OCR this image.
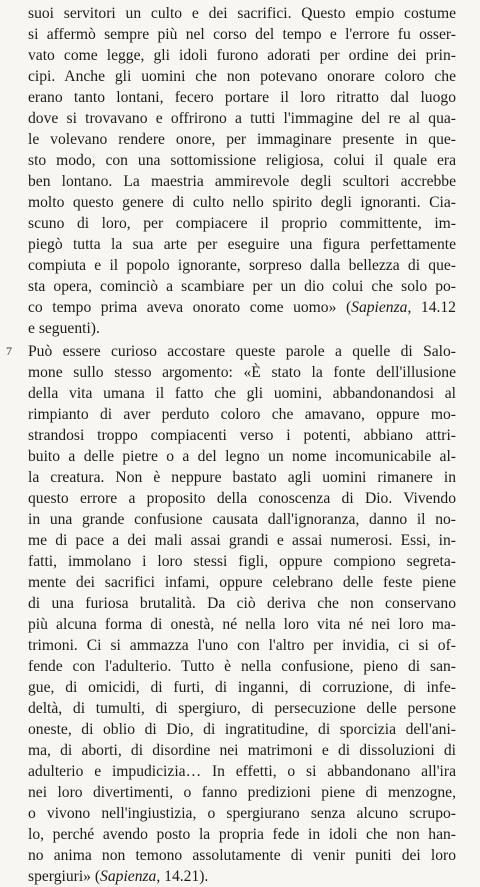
suoi servitori un culto e dei sacrifici. Questo empio costume
si affermò sempre più nel corso del tempo e l'errore fu osser-
vato come legge, gli idoli furono adorati per ordine dei prin-
cipi. Anche gli uomini che non potevano onorare coloro che
erano tanto lontani, fecero portare il loro ritratto dal luogo
dove si trovavano e offrirono a tutti l'immagine del re al qua-
le volevano rendere onore, per immaginare presente in que-
sto modo, con una sottomissione religiosa, colui il quale era
ben lontano. La maestria ammirevole degli scultori accrebbe
molto questo genere di culto nello spirito degli ignoranti. Cia-
scuno di loro, per compiacere il proprio committente, im-
piegò tutta la sua arte per eseguire una figura perfettamente
compiuta e il popolo ignorante, sorpreso dalla bellezza di que-
sta opera, cominciò a scambiare per un dio colui che solo po-
co tempo prima aveva onorato come uomo» (Sapienza, 14.12
e seguenti).
7 Può essere curioso accostare queste parole a quelle di Salo-
mone sullo stesso argomento: «È stato la fonte dell'illusione
della vita umana il fatto che gli uomini, abbandonandosi al
rimpianto di aver perduto coloro che amavano, oppure mo-
strandosi troppo compiacenti verso i potenti, abbiano attri-
buito a delle pietre o a del legno un nome incomunicabile al-
la creatura. Non è neppure bastato agli uomini rimanere in
questo errore a proposito della conoscenza di Dio. Vivendo
in una grande confusione causata dall'ignoranza, danno il no-
me di pace a dei mali assai grandi e assai numerosi. Essi, in-
fatti, immolano i loro stessi figli, oppure compiono segreta-
mente dei sacrifici infami, oppure celebrano delle feste piene
di una furiosa brutalità. Da ciò deriva che non conservano
più alcuna forma di onestà, né nella loro vita né nei loro ma-
trimoni. Ci si ammazza l'uno con l'altro per invidia, ci si of-
fende con l'adulterio. Tutto è nella confusione, pieno di san-
gue, di omicidi, di furti, di inganni, di corruzione, di infe-
deltà, di tumulti, di spergiuro, di persecuzione delle persone
oneste, di oblio di Dio, di ingratitudine, di sporcizia dell'ani-
ma, di aborti, di disordine nei matrimoni e di dissoluzioni di
adulterio e impudicizia… In effetti, o si abbandonano all'ira
nei loro divertimenti, o fanno predizioni piene di menzogne,
o vivono nell'ingiustizia, o spergiurano senza alcuno scrupo-
lo, perché avendo posto la propria fede in idoli che non han-
no anima non temono assolutamente di venir puniti dei loro
spergiuri» (Sapienza, 14.21).
